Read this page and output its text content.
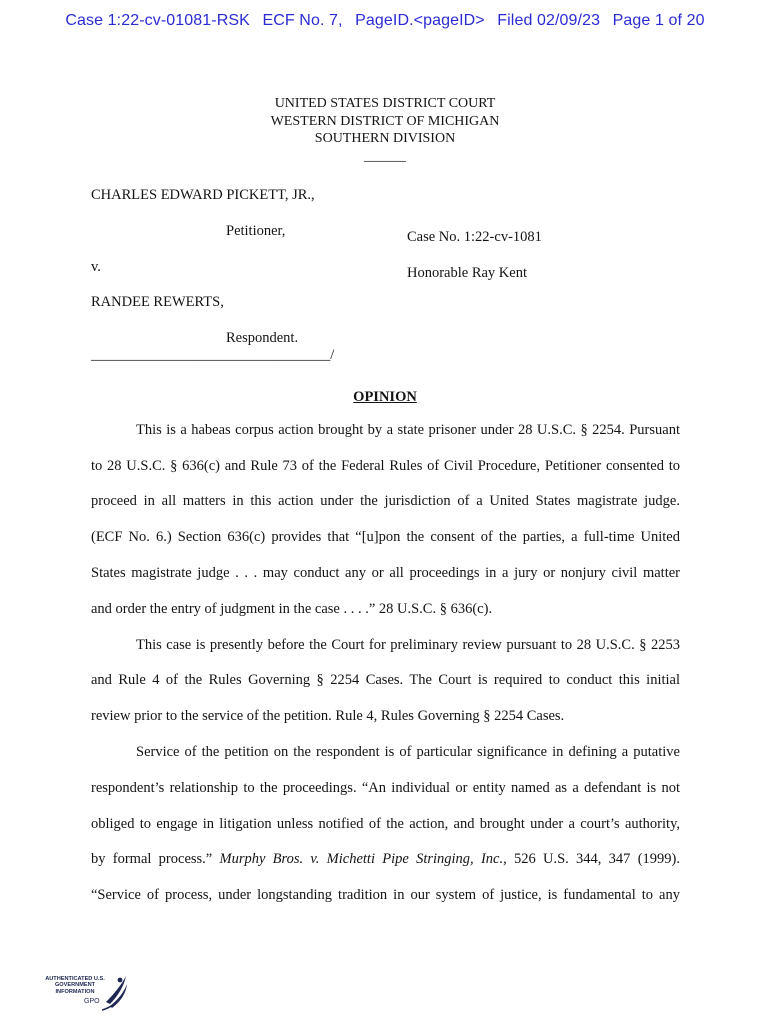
Case 1:22-cv-01081-RSK ECF No. 7, PageID.<pageID> Filed 02/09/23 Page 1 of 20
UNITED STATES DISTRICT COURT
WESTERN DISTRICT OF MICHIGAN
SOUTHERN DIVISION
______
CHARLES EDWARD PICKETT, JR.,
Petitioner,	Case No. 1:22-cv-1081
v.	Honorable Ray Kent
RANDEE REWERTS,
Respondent.
_________________________________/
OPINION
This is a habeas corpus action brought by a state prisoner under 28 U.S.C. § 2254. Pursuant
to 28 U.S.C. § 636(c) and Rule 73 of the Federal Rules of Civil Procedure, Petitioner consented to
proceed in all matters in this action under the jurisdiction of a United States magistrate judge.
(ECF No. 6.) Section 636(c) provides that “[u]pon the consent of the parties, a full-time United
States magistrate judge . . . may conduct any or all proceedings in a jury or nonjury civil matter
and order the entry of judgment in the case . . . .” 28 U.S.C. § 636(c).
This case is presently before the Court for preliminary review pursuant to 28 U.S.C. § 2253
and Rule 4 of the Rules Governing § 2254 Cases. The Court is required to conduct this initial
review prior to the service of the petition. Rule 4, Rules Governing § 2254 Cases.
Service of the petition on the respondent is of particular significance in defining a putative
respondent’s relationship to the proceedings. “An individual or entity named as a defendant is not
obliged to engage in litigation unless notified of the action, and brought under a court’s authority,
by formal process.” Murphy Bros. v. Michetti Pipe Stringing, Inc., 526 U.S. 344, 347 (1999).
“Service of process, under longstanding tradition in our system of justice, is fundamental to any
AUTHENTICATED U.S. GOVERNMENT INFORMATION
GPO
